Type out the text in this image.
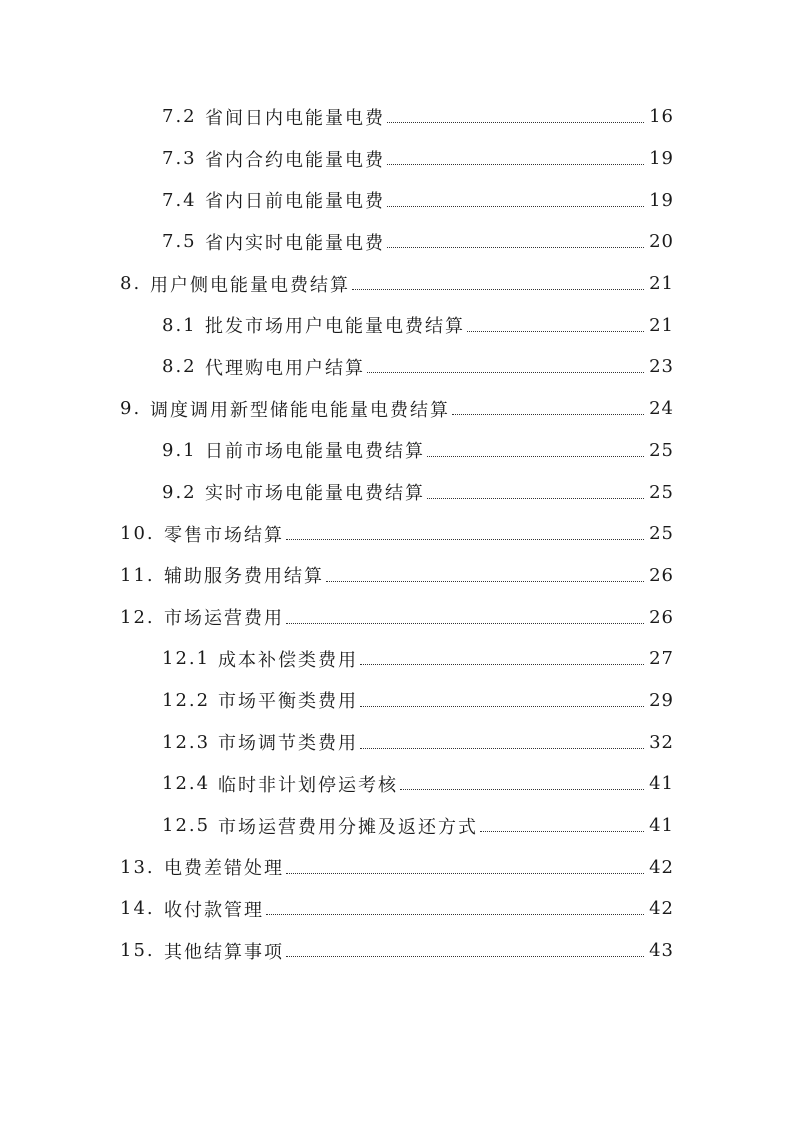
7.2 省间日内电能量电费	16
7.3 省内合约电能量电费	19
7.4 省内日前电能量电费	19
7.5 省内实时电能量电费	20
8. 用户侧电能量电费结算	21
8.1 批发市场用户电能量电费结算	21
8.2 代理购电用户结算	23
9. 调度调用新型储能电能量电费结算	24
9.1 日前市场电能量电费结算	25
9.2 实时市场电能量电费结算	25
10. 零售市场结算	25
11. 辅助服务费用结算	26
12. 市场运营费用	26
12.1 成本补偿类费用	27
12.2 市场平衡类费用	29
12.3 市场调节类费用	32
12.4 临时非计划停运考核	41
12.5 市场运营费用分摊及返还方式	41
13. 电费差错处理	42
14. 收付款管理	42
15. 其他结算事项	43
